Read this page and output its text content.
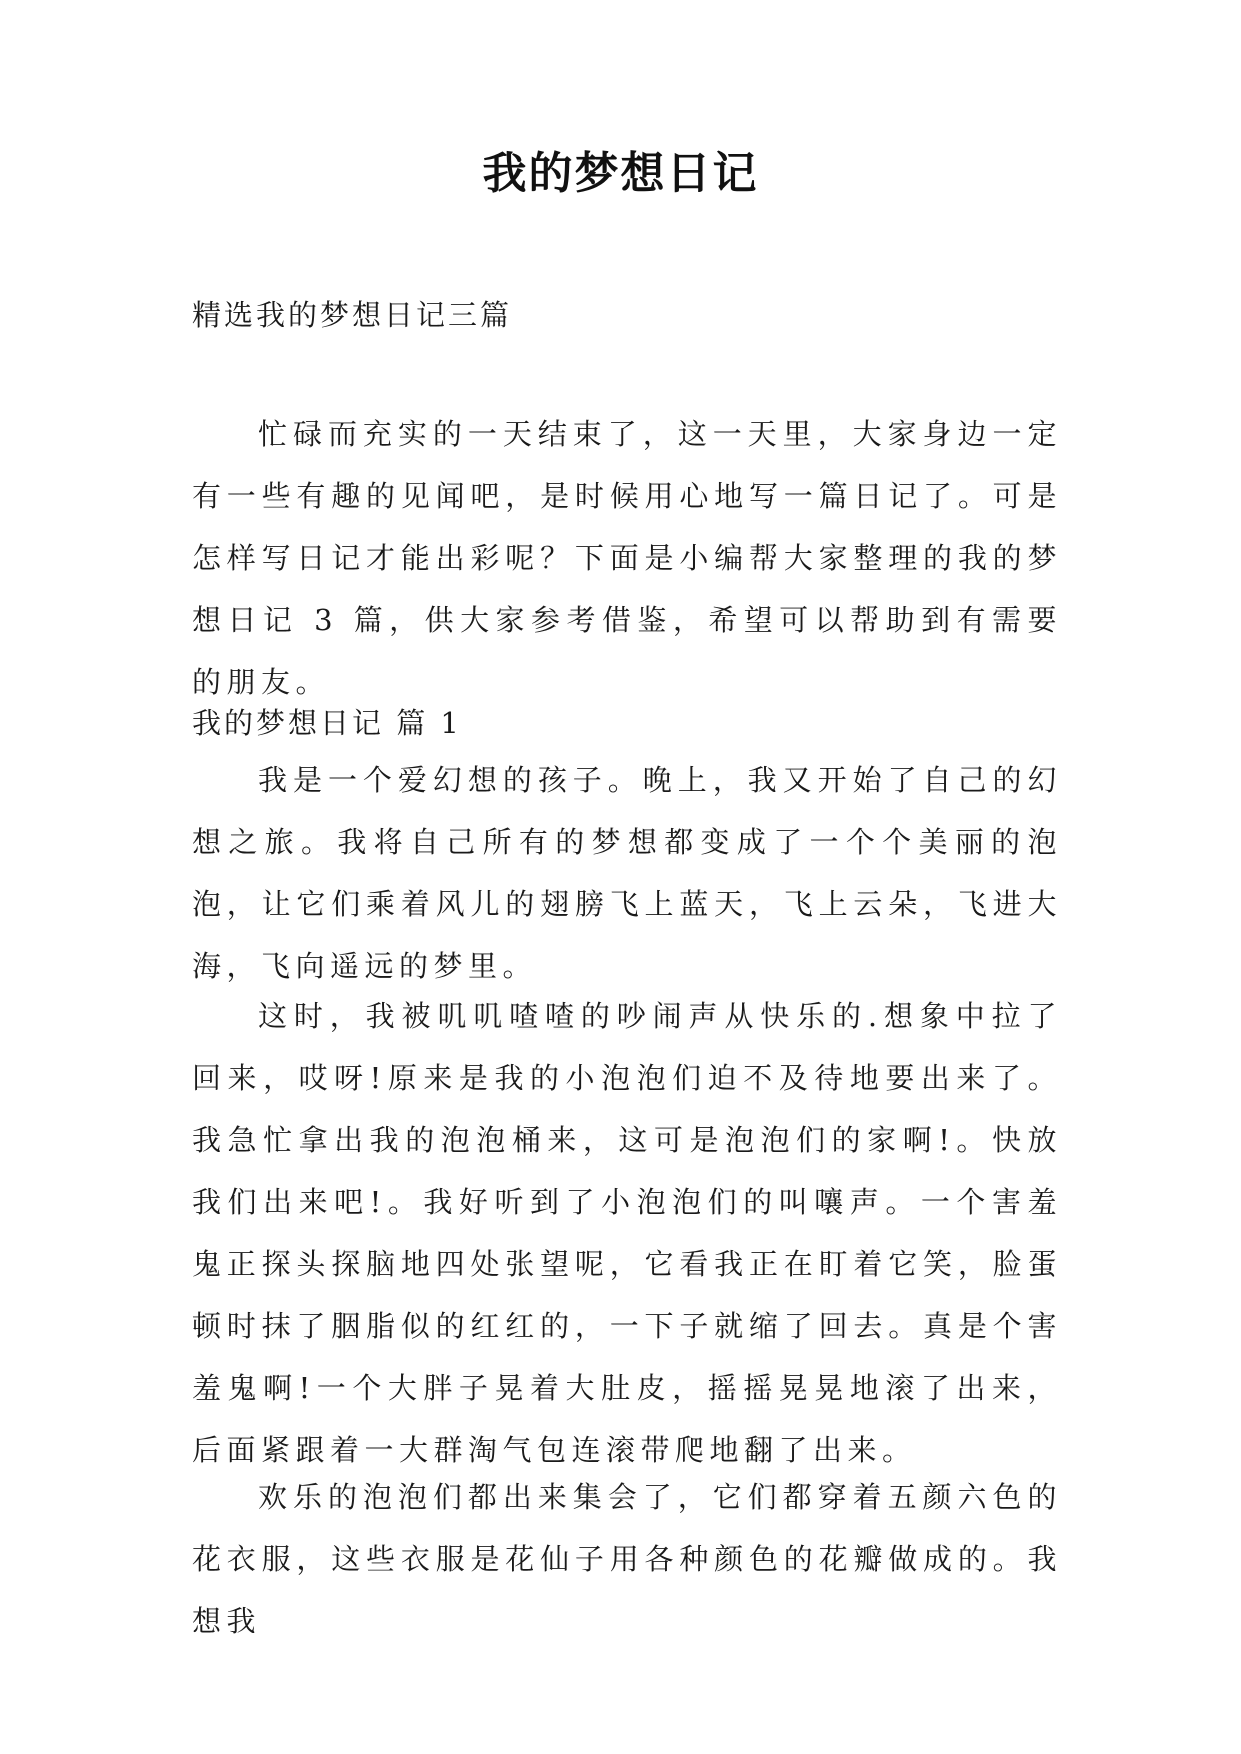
我的梦想日记
精选我的梦想日记三篇
忙碌而充实的一天结束了，这一天里，大家身边一定有一些有趣的见闻吧，是时候用心地写一篇日记了。可是怎样写日记才能出彩呢？下面是小编帮大家整理的我的梦想日记 3 篇，供大家参考借鉴，希望可以帮助到有需要的朋友。
我的梦想日记 篇 1
我是一个爱幻想的孩子。晚上，我又开始了自己的幻想之旅。我将自己所有的梦想都变成了一个个美丽的泡泡，让它们乘着风儿的翅膀飞上蓝天，飞上云朵，飞进大海，飞向遥远的梦里。
这时，我被叽叽喳喳的吵闹声从快乐的.想象中拉了回来，哎呀!原来是我的小泡泡们迫不及待地要出来了。我急忙拿出我的泡泡桶来，这可是泡泡们的家啊!。快放我们出来吧!。我好听到了小泡泡们的叫嚷声。一个害羞鬼正探头探脑地四处张望呢，它看我正在盯着它笑，脸蛋顿时抹了胭脂似的红红的，一下子就缩了回去。真是个害羞鬼啊!一个大胖子晃着大肚皮，摇摇晃晃地滚了出来，后面紧跟着一大群淘气包连滚带爬地翻了出来。
欢乐的泡泡们都出来集会了，它们都穿着五颜六色的花衣服，这些衣服是花仙子用各种颜色的花瓣做成的。我想我
